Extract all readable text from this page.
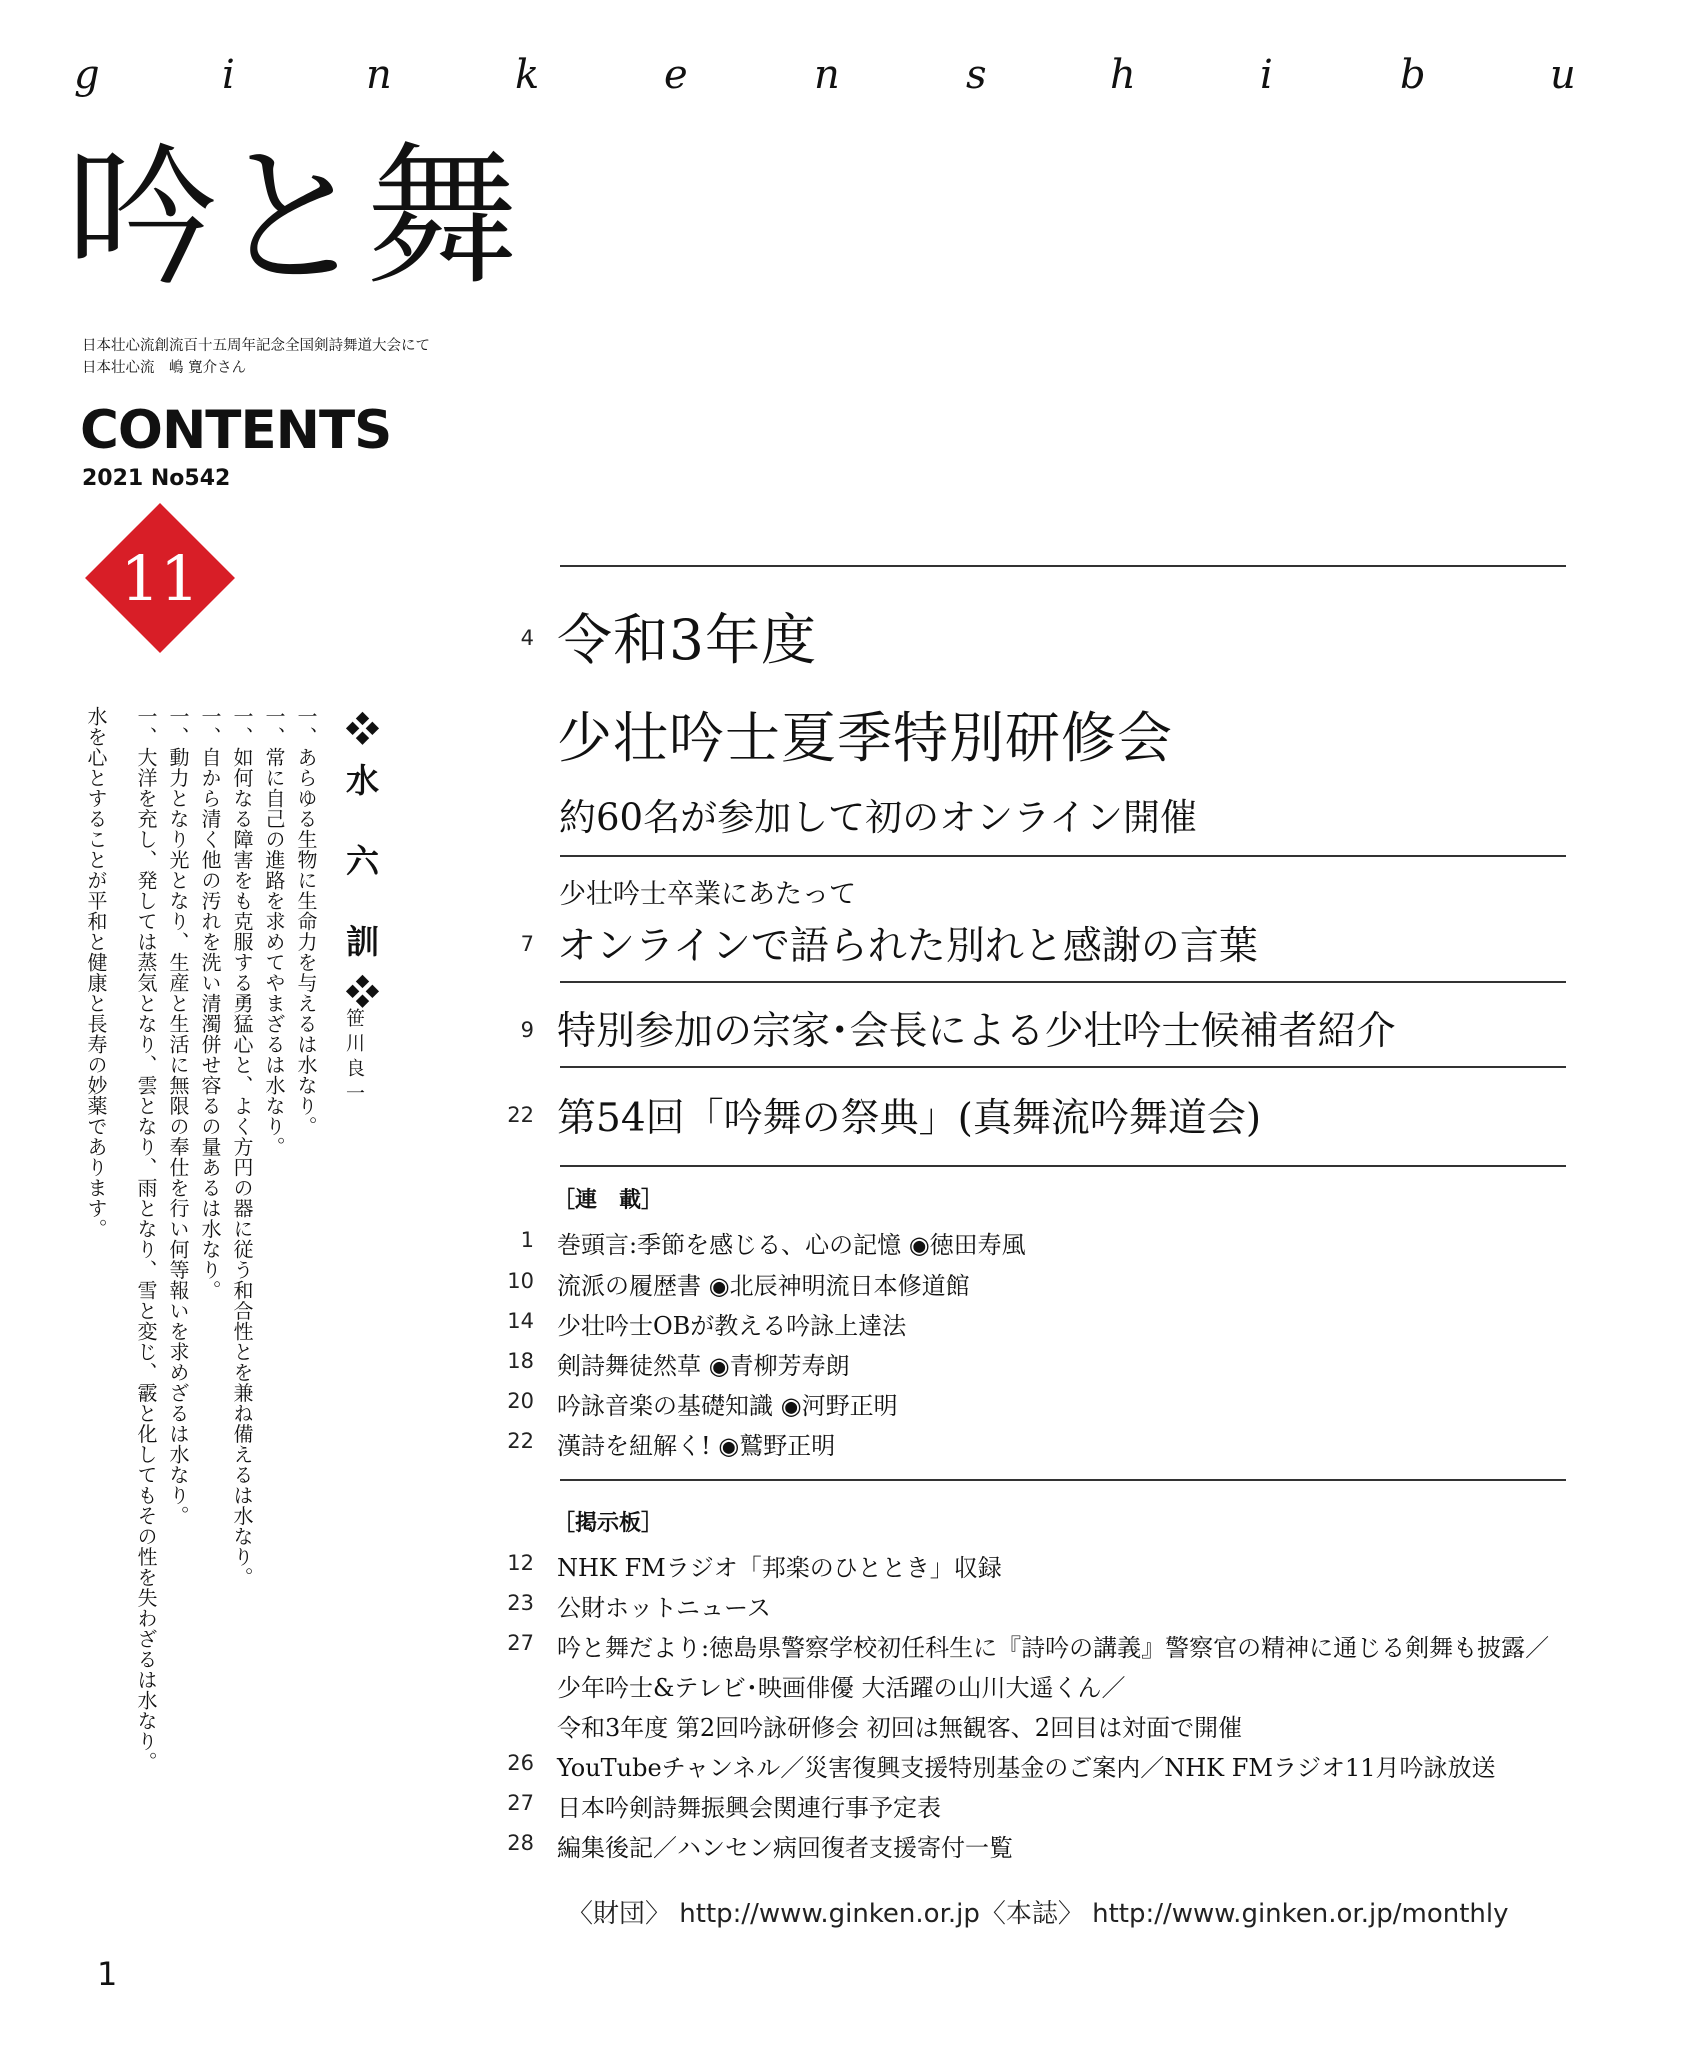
g	i	n	k	e	n	s	h	i	b	u
吟と舞
日本壮心流創流百十五周年記念全国剣詩舞道大会にて
日本壮心流　嶋 寛介さん
CONTENTS
2021 No542
11
❖水 六 訓❖
笹川良一
一、あらゆる生物に生命力を与えるは水なり。
一、常に自己の進路を求めてやまざるは水なり。
一、如何なる障害をも克服する勇猛心と、よく方円の器に従う和合性とを兼ね備えるは水なり。
一、自から清く他の汚れを洗い清濁併せ容るの量あるは水なり。
一、動力となり光となり、生産と生活に無限の奉仕を行い何等報いを求めざるは水なり。
一、大洋を充し、発しては蒸気となり、雲となり、雨となり、雪と変じ、霰と化してもその性を失わざるは水なり。
水を心とすることが平和と健康と長寿の妙薬であります。
4 令和3年度
少壮吟士夏季特別研修会
約60名が参加して初のオンライン開催
少壮吟士卒業にあたって
7 オンラインで語られた別れと感謝の言葉
9 特別参加の宗家･会長による少壮吟士候補者紹介
22 第54回「吟舞の祭典」(真舞流吟舞道会)
［連　載］
1 巻頭言:季節を感じる、心の記憶 ◉徳田寿風
10 流派の履歴書 ◉北辰神明流日本修道館
14 少壮吟士OBが教える吟詠上達法
18 剣詩舞徒然草 ◉青柳芳寿朗
20 吟詠音楽の基礎知識 ◉河野正明
22 漢詩を紐解く! ◉鷲野正明
［掲示板］
12 NHK FMラジオ「邦楽のひととき」収録
23 公財ホットニュース
27 吟と舞だより:徳島県警察学校初任科生に『詩吟の講義』警察官の精神に通じる剣舞も披露／
少年吟士&テレビ･映画俳優 大活躍の山川大遥くん／
令和3年度 第2回吟詠研修会 初回は無観客、2回目は対面で開催
26 YouTubeチャンネル／災害復興支援特別基金のご案内／NHK FMラジオ11月吟詠放送
27 日本吟剣詩舞振興会関連行事予定表
28 編集後記／ハンセン病回復者支援寄付一覧
〈財団〉 http://www.ginken.or.jp〈本誌〉 http://www.ginken.or.jp/monthly
1
